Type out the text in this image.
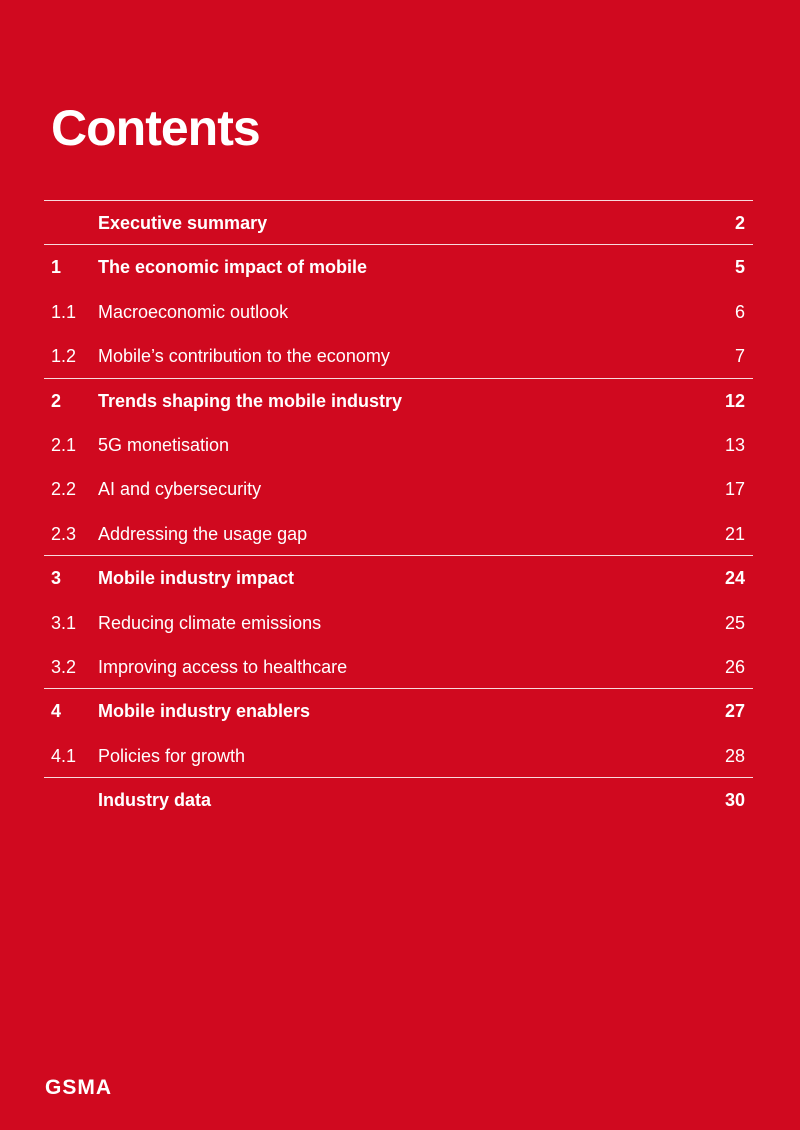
Contents
Executive summary	2
1 The economic impact of mobile	5
1.1 Macroeconomic outlook	6
1.2 Mobile’s contribution to the economy	7
2 Trends shaping the mobile industry	12
2.1 5G monetisation	13
2.2 AI and cybersecurity	17
2.3 Addressing the usage gap	21
3 Mobile industry impact	24
3.1 Reducing climate emissions	25
3.2 Improving access to healthcare	26
4 Mobile industry enablers	27
4.1 Policies for growth	28
Industry data	30
GSMA
